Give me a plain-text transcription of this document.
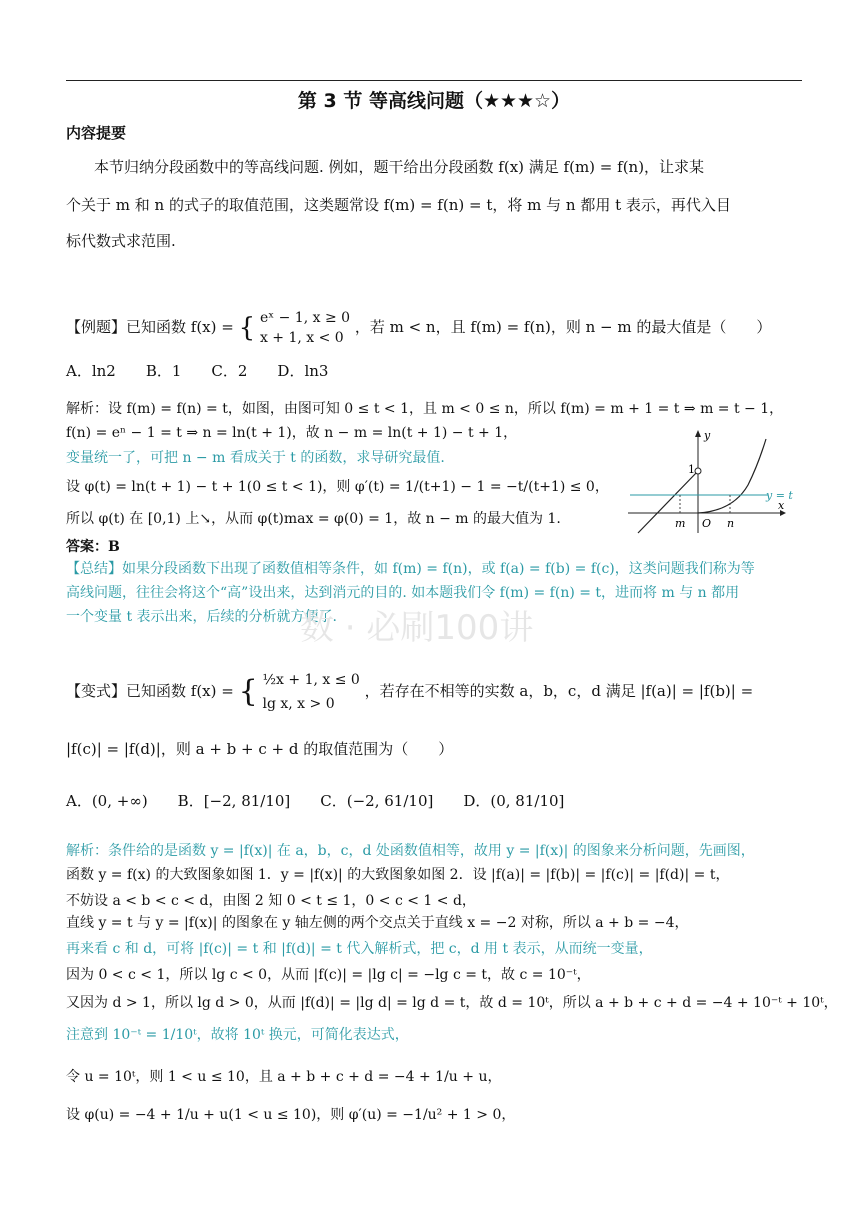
第 3 节 等高线问题（★★★☆）
内容提要
本节归纳分段函数中的等高线问题. 例如，题干给出分段函数 f(x) 满足 f(m) = f(n)，让求某
个关于 m 和 n 的式子的取值范围，这类题常设 f(m) = f(n) = t，将 m 与 n 都用 t 表示，再代入目
标代数式求范围.
【例题】已知函数 f(x) = { eˣ − 1, x ≥ 0
x + 1, x < 0
，若 m < n，且 f(m) = f(n)，则 n − m 的最大值是（　　）
A．ln2　　B．1　　C．2　　D．ln3
解析：设 f(m) = f(n) = t，如图，由图可知 0 ≤ t < 1，且 m < 0 ≤ n，所以 f(m) = m + 1 = t ⇒ m = t − 1，
f(n) = eⁿ − 1 = t ⇒ n = ln(t + 1)，故 n − m = ln(t + 1) − t + 1，
变量统一了，可把 n − m 看成关于 t 的函数，求导研究最值.
设 φ(t) = ln(t + 1) − t + 1(0 ≤ t < 1)，则 φ′(t) = 1/(t+1) − 1 = −t/(t+1) ≤ 0，
所以 φ(t) 在 [0,1) 上↘，从而 φ(t)max = φ(0) = 1，故 n − m 的最大值为 1.
答案：B
【总结】如果分段函数下出现了函数值相等条件，如 f(m) = f(n)，或 f(a) = f(b) = f(c)，这类问题我们称为等
高线问题，往往会将这个“高”设出来，达到消元的目的. 如本题我们令 f(m) = f(n) = t，进而将 m 与 n 都用
一个变量 t 表示出来，后续的分析就方便了.
数 · 必刷100讲
y
x
1
m O n
y = t
【变式】已知函数 f(x) = { ½x + 1, x ≤ 0
lg x, x > 0
，若存在不相等的实数 a，b，c，d 满足 |f(a)| = |f(b)| =
|f(c)| = |f(d)|，则 a + b + c + d 的取值范围为（　　）
A．(0, +∞)　　B．[−2, 81/10]　　C．(−2, 61/10]　　D．(0, 81/10]
解析：条件给的是函数 y = |f(x)| 在 a，b，c，d 处函数值相等，故用 y = |f(x)| 的图象来分析问题，先画图，
函数 y = f(x) 的大致图象如图 1．y = |f(x)| 的大致图象如图 2．设 |f(a)| = |f(b)| = |f(c)| = |f(d)| = t，
不妨设 a < b < c < d，由图 2 知 0 < t ≤ 1，0 < c < 1 < d，
直线 y = t 与 y = |f(x)| 的图象在 y 轴左侧的两个交点关于直线 x = −2 对称，所以 a + b = −4，
再来看 c 和 d，可将 |f(c)| = t 和 |f(d)| = t 代入解析式，把 c，d 用 t 表示，从而统一变量，
因为 0 < c < 1，所以 lg c < 0，从而 |f(c)| = |lg c| = −lg c = t，故 c = 10⁻ᵗ，
又因为 d > 1，所以 lg d > 0，从而 |f(d)| = |lg d| = lg d = t，故 d = 10ᵗ，所以 a + b + c + d = −4 + 10⁻ᵗ + 10ᵗ，
注意到 10⁻ᵗ = 1/10ᵗ，故将 10ᵗ 换元，可简化表达式，
令 u = 10ᵗ，则 1 < u ≤ 10，且 a + b + c + d = −4 + 1/u + u，
设 φ(u) = −4 + 1/u + u(1 < u ≤ 10)，则 φ′(u) = −1/u² + 1 > 0，
